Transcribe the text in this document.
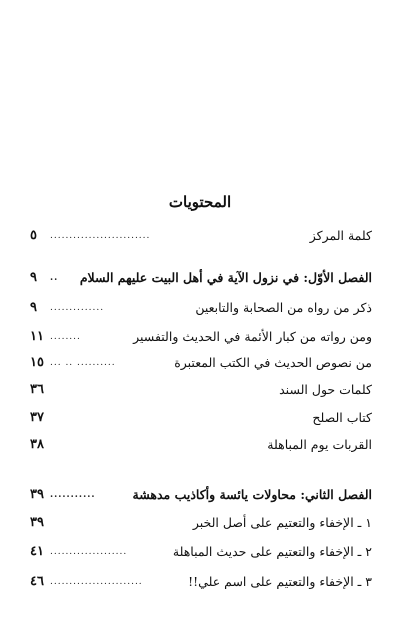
المحتويات
كلمة المركز
..........................
٥
الفصل الأوّل: في نزول الآية في أهل البيت عليهم السلام
..
٩
ذكر من رواه من الصحابة والتابعين
..............
٩
ومن رواته من كبار الأئمة في الحديث والتفسير
........
١١
من نصوص الحديث في الكتب المعتبرة
... .. ..........
١٥
كلمات حول السند
٣٦
كتاب الصلح
٣٧
القربات يوم المباهلة
٣٨
الفصل الثاني: محاولات يائسة وأكاذيب مدهشة
...........
٣٩
١ ـ الإخفاء والتعتيم على أصل الخبر
٣٩
٢ ـ الإخفاء والتعتيم على حديث المباهلة
....................
٤١
٣ ـ الإخفاء والتعتيم على اسم علي!!
........................
٤٦
